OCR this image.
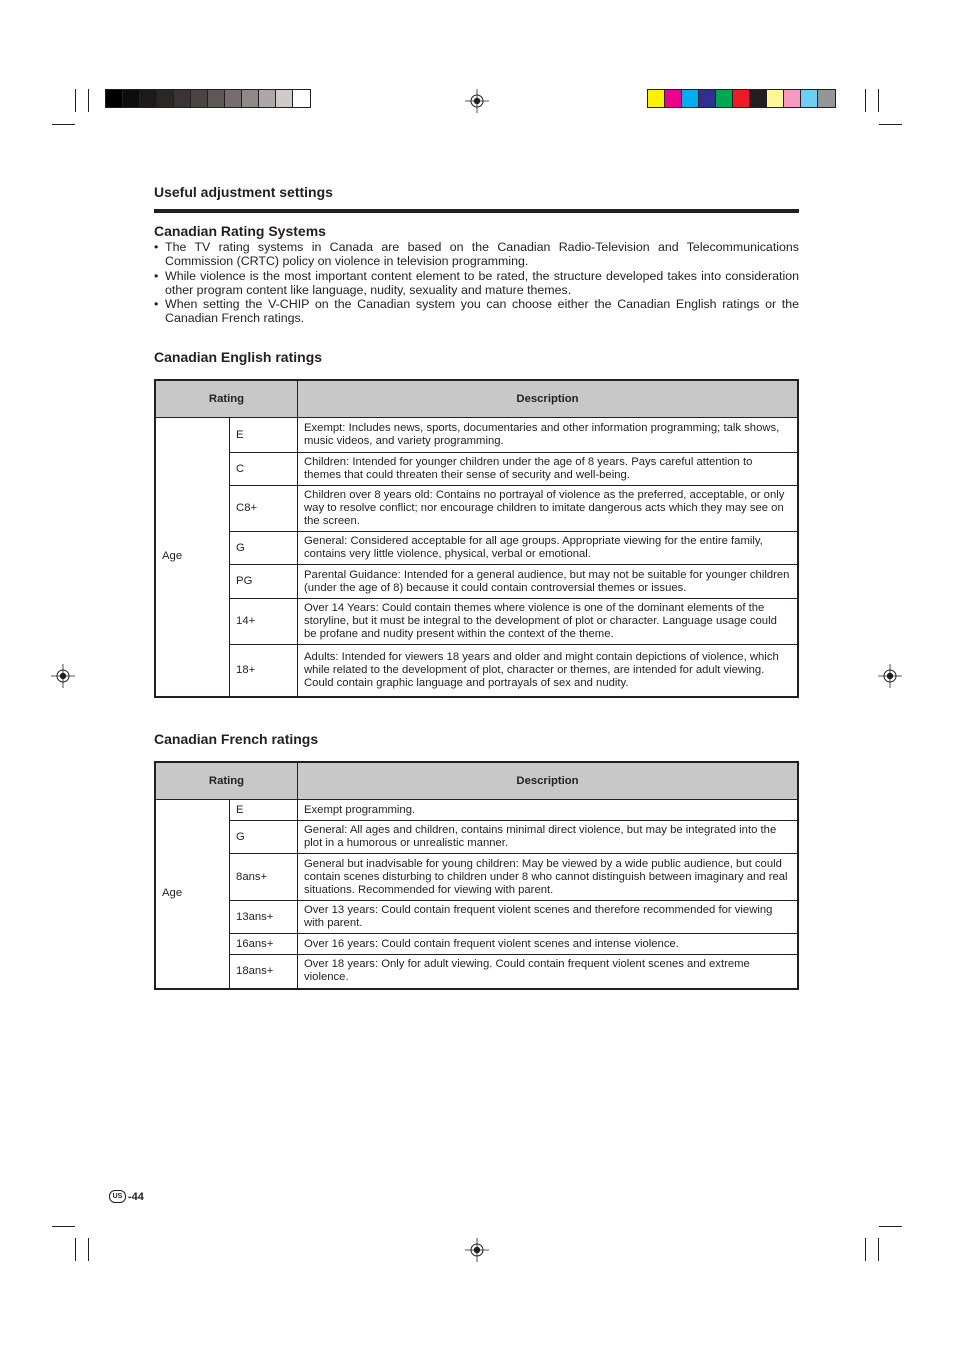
Useful adjustment settings
Canadian Rating Systems
• The TV rating systems in Canada are based on the Canadian Radio-Television and Telecommunications Commission (CRTC) policy on violence in television programming.
• While violence is the most important content element to be rated, the structure developed takes into consideration other program content like language, nudity, sexuality and mature themes.
• When setting the V-CHIP on the Canadian system you can choose either the Canadian English ratings or the Canadian French ratings.
Canadian English ratings
Rating		Description
Age	E	Exempt: Includes news, sports, documentaries and other information programming; talk shows, music videos, and variety programming.
	C	Children: Intended for younger children under the age of 8 years. Pays careful attention to themes that could threaten their sense of security and well-being.
	C8+	Children over 8 years old: Contains no portrayal of violence as the preferred, acceptable, or only way to resolve conflict; nor encourage children to imitate dangerous acts which they may see on the screen.
	G	General: Considered acceptable for all age groups. Appropriate viewing for the entire family, contains very little violence, physical, verbal or emotional.
	PG	Parental Guidance: Intended for a general audience, but may not be suitable for younger children (under the age of 8) because it could contain controversial themes or issues.
	14+	Over 14 Years: Could contain themes where violence is one of the dominant elements of the storyline, but it must be integral to the development of plot or character. Language usage could be profane and nudity present within the context of the theme.
	18+	Adults: Intended for viewers 18 years and older and might contain depictions of violence, which while related to the development of plot, character or themes, are intended for adult viewing. Could contain graphic language and portrayals of sex and nudity.
Canadian French ratings
Rating		Description
Age	E	Exempt programming.
	G	General: All ages and children, contains minimal direct violence, but may be integrated into the plot in a humorous or unrealistic manner.
	8ans+	General but inadvisable for young children: May be viewed by a wide public audience, but could contain scenes disturbing to children under 8 who cannot distinguish between imaginary and real situations. Recommended for viewing with parent.
	13ans+	Over 13 years: Could contain frequent violent scenes and therefore recommended for viewing with parent.
	16ans+	Over 16 years: Could contain frequent violent scenes and intense violence.
	18ans+	Over 18 years: Only for adult viewing. Could contain frequent violent scenes and extreme violence.
US -44
